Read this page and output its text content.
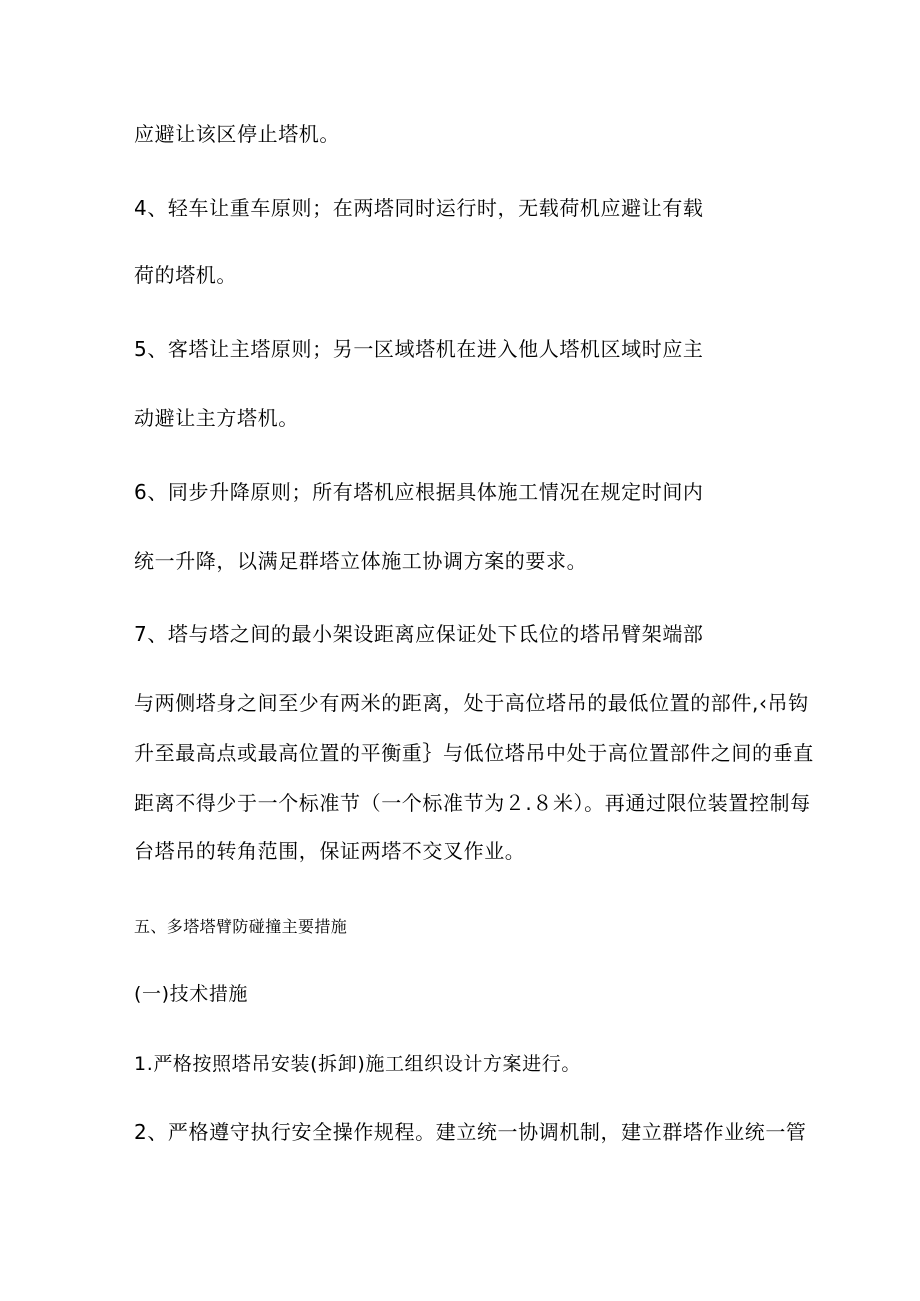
应避让该区停止塔机。
4、轻车让重车原则；在两塔同时运行时，无载荷机应避让有载
荷的塔机。
5、客塔让主塔原则；另一区域塔机在进入他人塔机区域时应主
动避让主方塔机。
6、同步升降原则；所有塔机应根据具体施工情况在规定时间内
统一升降，以满足群塔立体施工协调方案的要求。
7、塔与塔之间的最小架设距离应保证处下氐位的塔吊臂架端部
与两侧塔身之间至少有两米的距离，处于高位塔吊的最低位置的部件,‹吊钩
升至最高点或最高位置的平衡重｝与低位塔吊中处于高位置部件之间的垂直
距离不得少于一个标准节（一个标准节为２.８米）。再通过限位装置控制每
台塔吊的转角范围，保证两塔不交叉作业。
五、多塔塔臂防碰撞主要措施
(一)技术措施
1.严格按照塔吊安装(拆卸)施工组织设计方案进行。
2、严格遵守执行安全操作规程。建立统一协调机制，建立群塔作业统一管
